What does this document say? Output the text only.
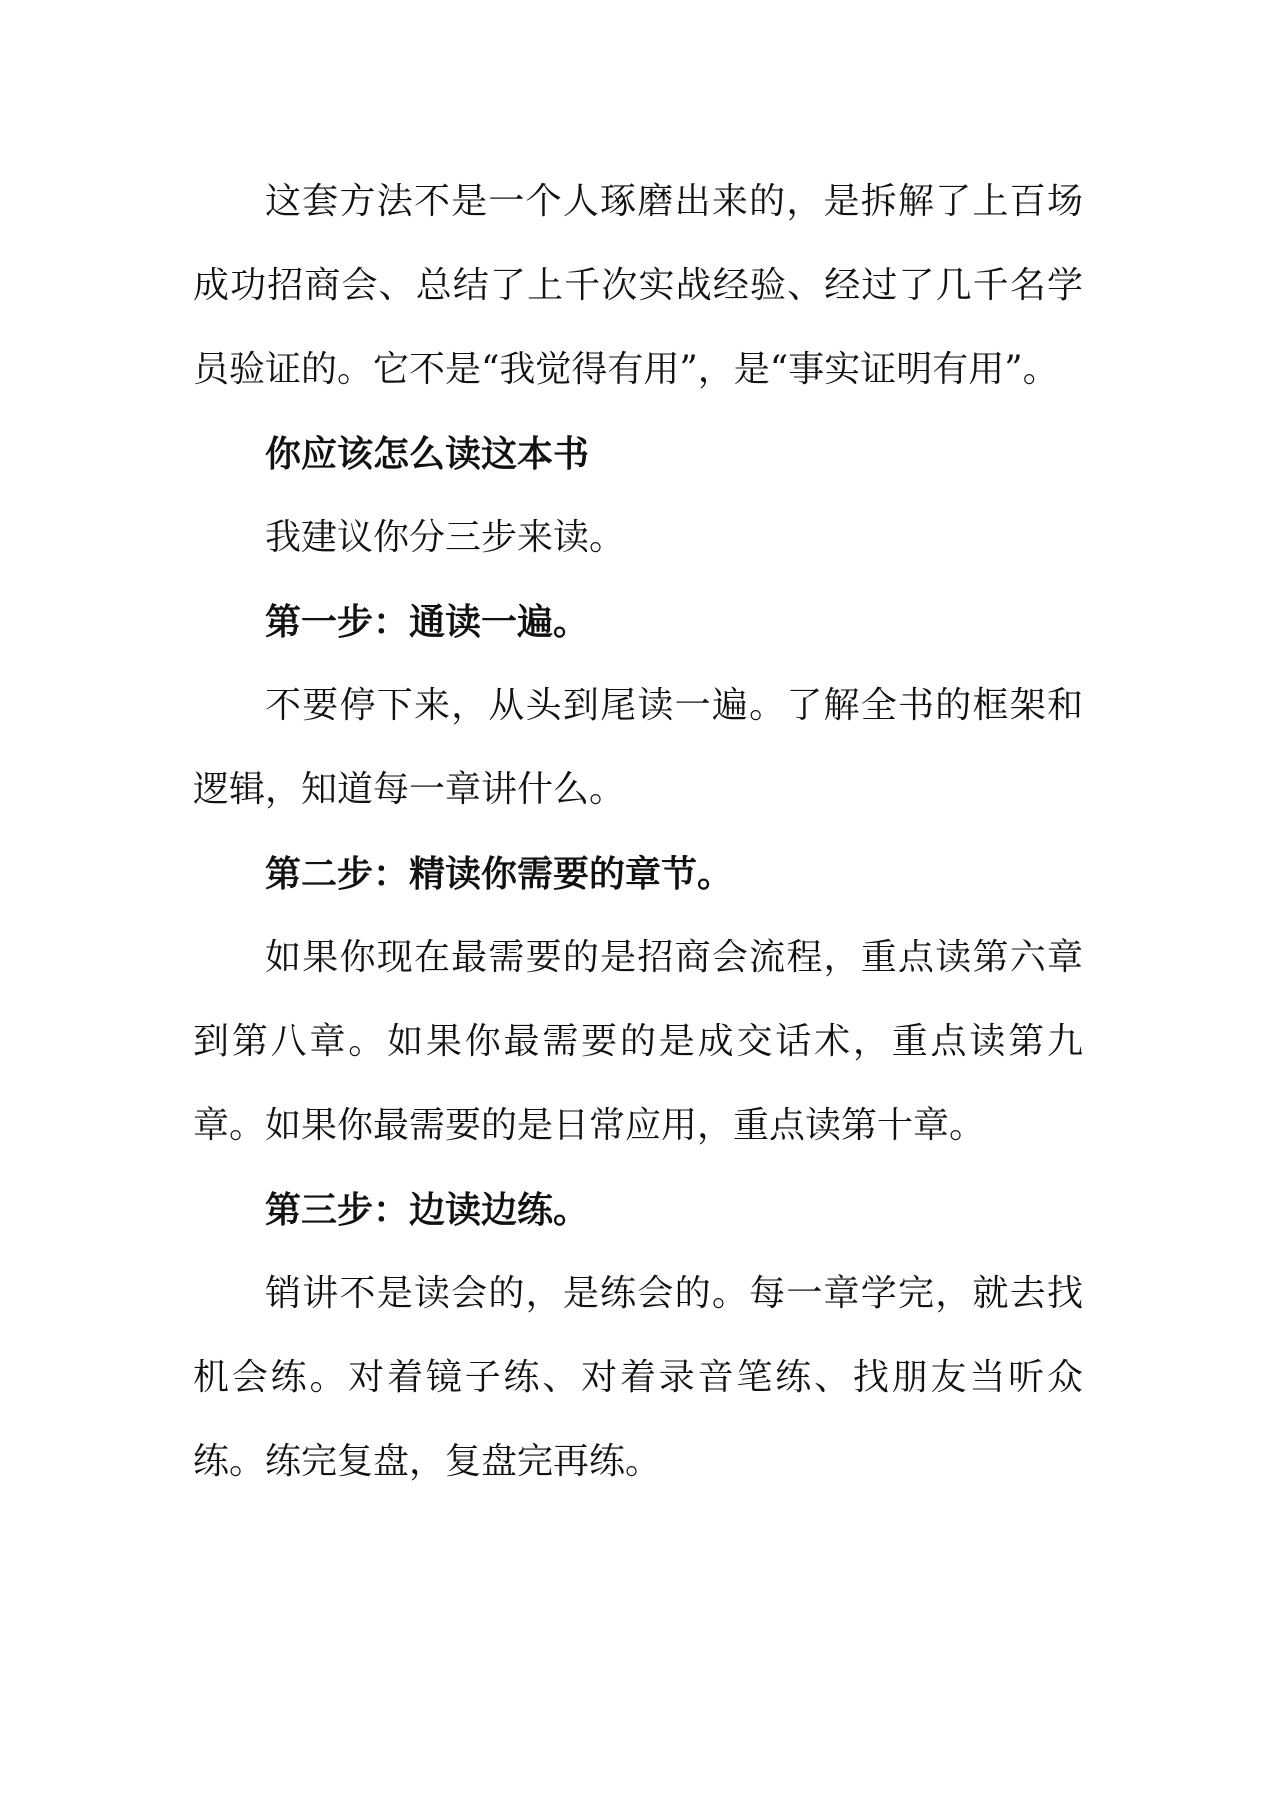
这套方法不是一个人琢磨出来的，是拆解了上百场成功招商会、总结了上千次实战经验、经过了几千名学员验证的。它不是“我觉得有用”，是“事实证明有用”。

你应该怎么读这本书

我建议你分三步来读。

第一步：通读一遍。

不要停下来，从头到尾读一遍。了解全书的框架和逻辑，知道每一章讲什么。

第二步：精读你需要的章节。

如果你现在最需要的是招商会流程，重点读第六章到第八章。如果你最需要的是成交话术，重点读第九章。如果你最需要的是日常应用，重点读第十章。

第三步：边读边练。

销讲不是读会的，是练会的。每一章学完，就去找机会练。对着镜子练、对着录音笔练、找朋友当听众练。练完复盘，复盘完再练。
